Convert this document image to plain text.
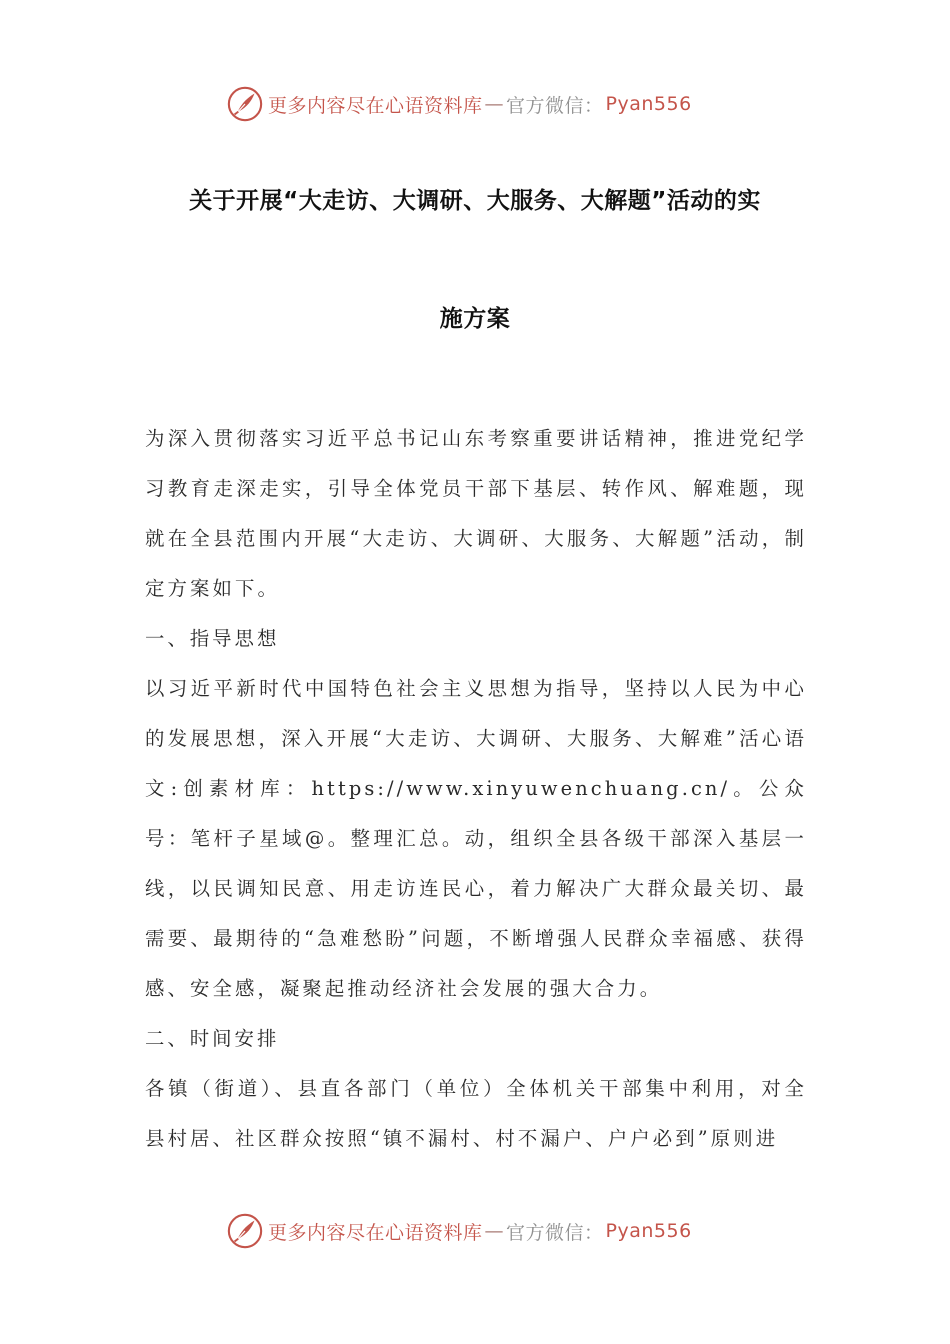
更多内容尽在心语资料库 — 官方微信： Pyan556
关于开展“大走访、大调研、大服务、大解题”活动的实
施方案

为深入贯彻落实习近平总书记山东考察重要讲话精神，推进党纪学习教育走深走实，引导全体党员干部下基层、转作风、解难题，现就在全县范围内开展“大走访、大调研、大服务、大解题”活动，制定方案如下。

一、指导思想

以习近平新时代中国特色社会主义思想为指导，坚持以人民为中心的发展思想，深入开展“大走访、大调研、大服务、大解难”活心语文:创素材库：https://www.xinyuwenchuang.cn/。公众号：笔杆子星域@。整理汇总。动，组织全县各级干部深入基层一线，以民调知民意、用走访连民心，着力解决广大群众最关切、最需要、最期待的“急难愁盼”问题，不断增强人民群众幸福感、获得感、安全感，凝聚起推动经济社会发展的强大合力。

二、时间安排

各镇（街道）、县直各部门（单位）全体机关干部集中利用，对全县村居、社区群众按照“镇不漏村、村不漏户、户户必到”原则进

更多内容尽在心语资料库 — 官方微信： Pyan556
